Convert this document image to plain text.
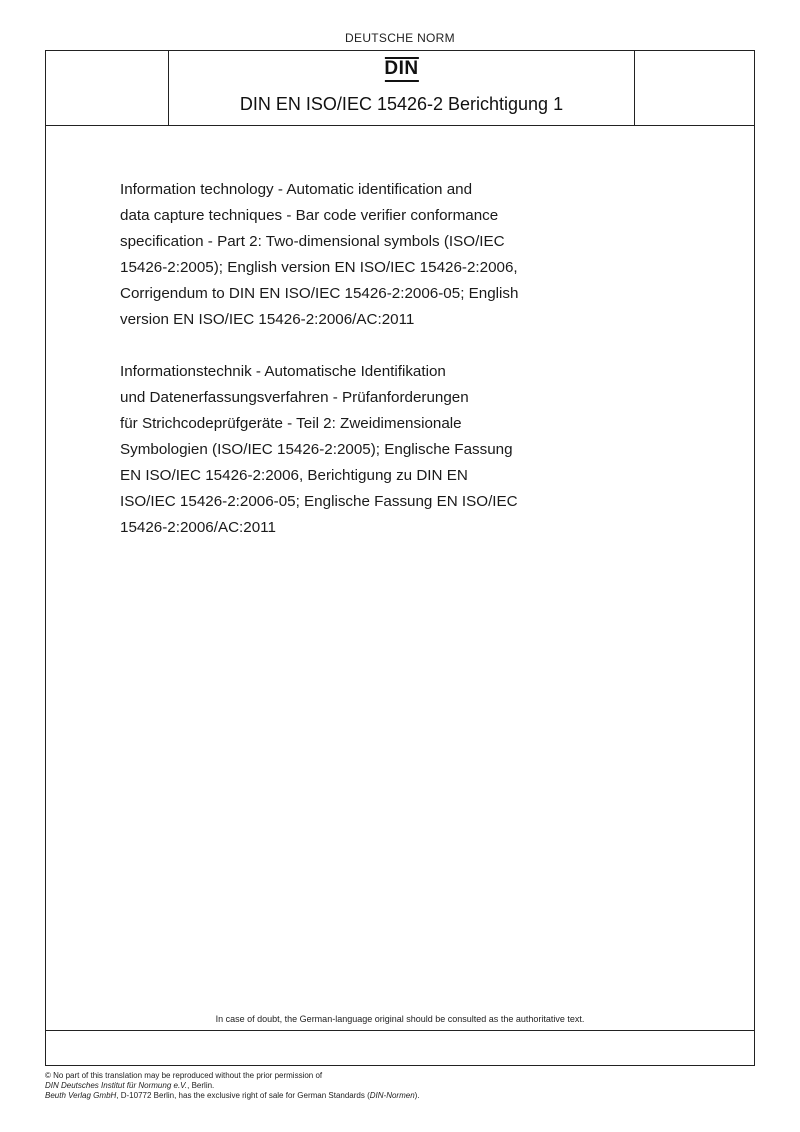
DEUTSCHE NORM
DIN
DIN EN ISO/IEC 15426-2 Berichtigung 1

Information technology - Automatic identification and

data capture techniques - Bar code verifier conformance

specification - Part 2: Two-dimensional symbols (ISO/IEC

15426-2:2005); English version EN ISO/IEC 15426-2:2006,

Corrigendum to DIN EN ISO/IEC 15426-2:2006-05; English

version EN ISO/IEC 15426-2:2006/AC:2011

Informationstechnik - Automatische Identifikation

und Datenerfassungsverfahren - Prüfanforderungen

für Strichcodeprüfgeräte - Teil 2: Zweidimensionale

Symbologien (ISO/IEC 15426-2:2005); Englische Fassung

EN ISO/IEC 15426-2:2006, Berichtigung zu DIN EN

ISO/IEC 15426-2:2006-05; Englische Fassung EN ISO/IEC

15426-2:2006/AC:2011

In case of doubt, the German-language original should be consulted as the authoritative text.
© No part of this translation may be reproduced without the prior permission of
DIN Deutsches Institut für Normung e.V., Berlin.
Beuth Verlag GmbH, D-10772 Berlin, has the exclusive right of sale for German Standards (DIN-Normen).
